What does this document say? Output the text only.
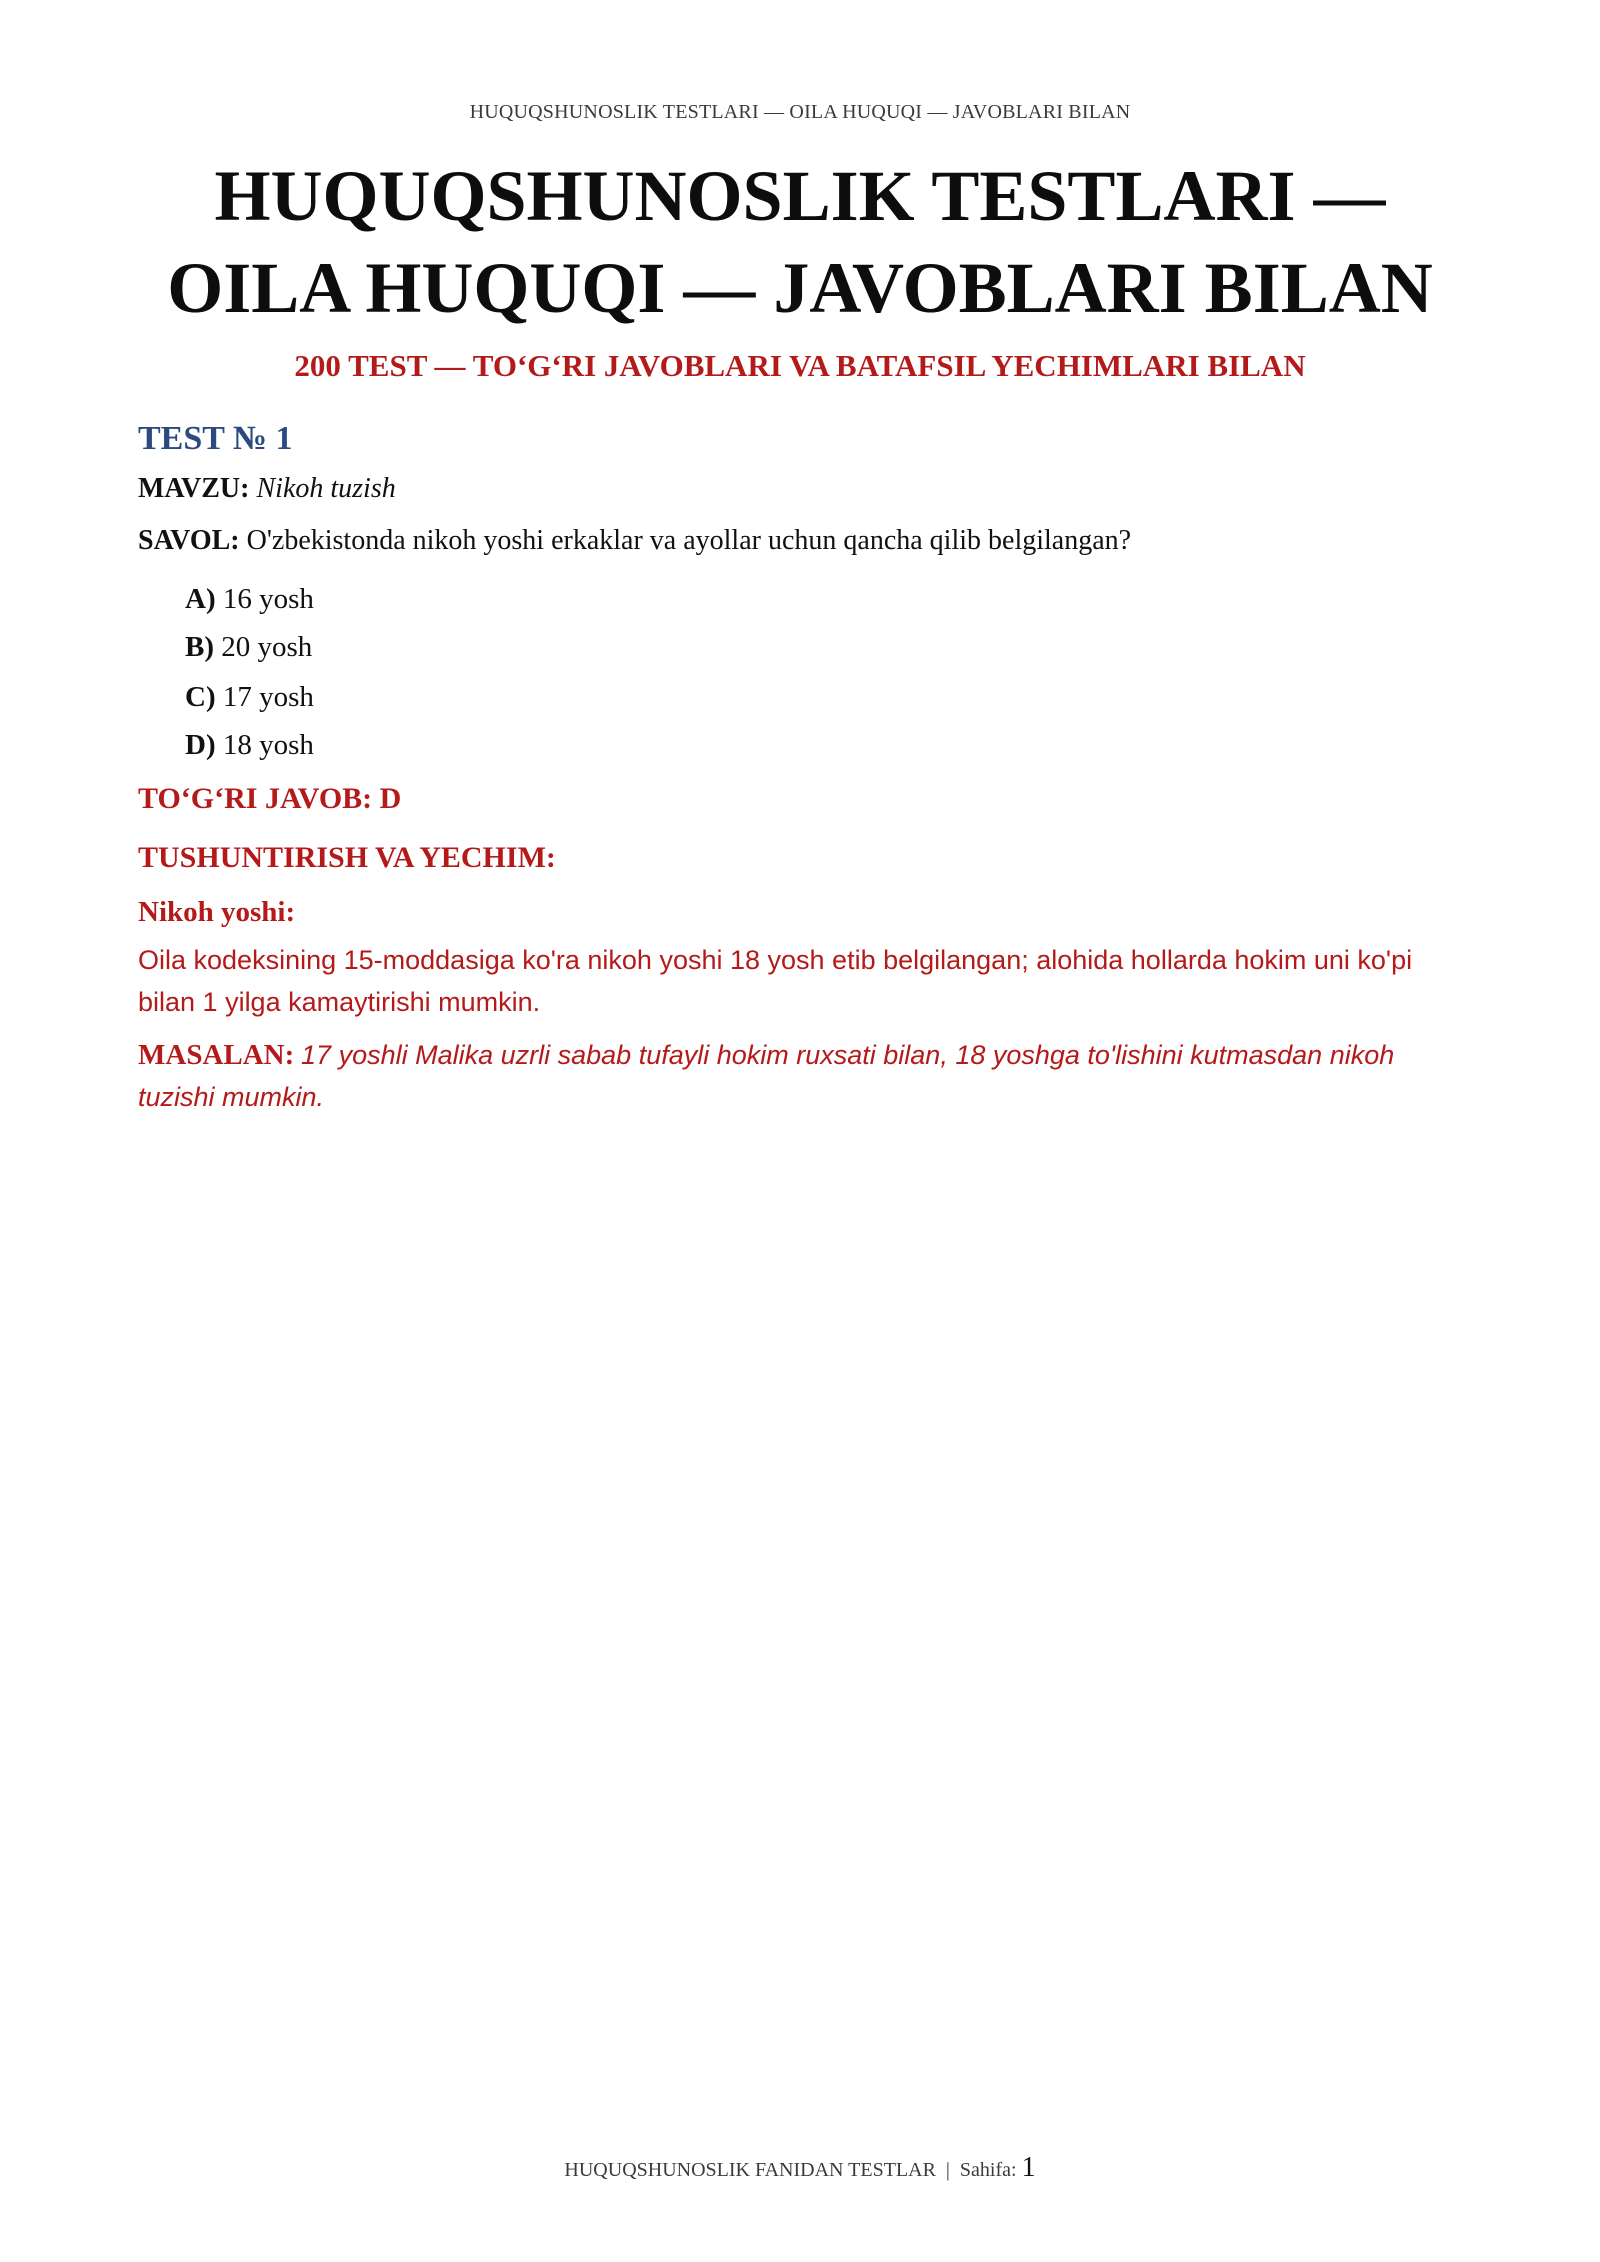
HUQUQSHUNOSLIK TESTLARI — OILA HUQUQI — JAVOBLARI BILAN
HUQUQSHUNOSLIK TESTLARI —
OILA HUQUQI — JAVOBLARI BILAN
200 TEST — TO‘G‘RI JAVOBLARI VA BATAFSIL YECHIMLARI BILAN
TEST № 1
MAVZU: Nikoh tuzish
SAVOL: O'zbekistonda nikoh yoshi erkaklar va ayollar uchun qancha qilib belgilangan?
A) 16 yosh
B) 20 yosh
C) 17 yosh
D) 18 yosh
TO‘G‘RI JAVOB: D
TUSHUNTIRISH VA YECHIM:
Nikoh yoshi:

Oila kodeksining 15-moddasiga ko'ra nikoh yoshi 18 yosh etib belgilangan; alohida hollarda hokim uni ko'pi bilan 1 yilga kamaytirishi mumkin.

MASALAN: 17 yoshli Malika uzrli sabab tufayli hokim ruxsati bilan, 18 yoshga to'lishini kutmasdan nikoh tuzishi mumkin.

HUQUQSHUNOSLIK FANIDAN TESTLAR | Sahifa: 1
